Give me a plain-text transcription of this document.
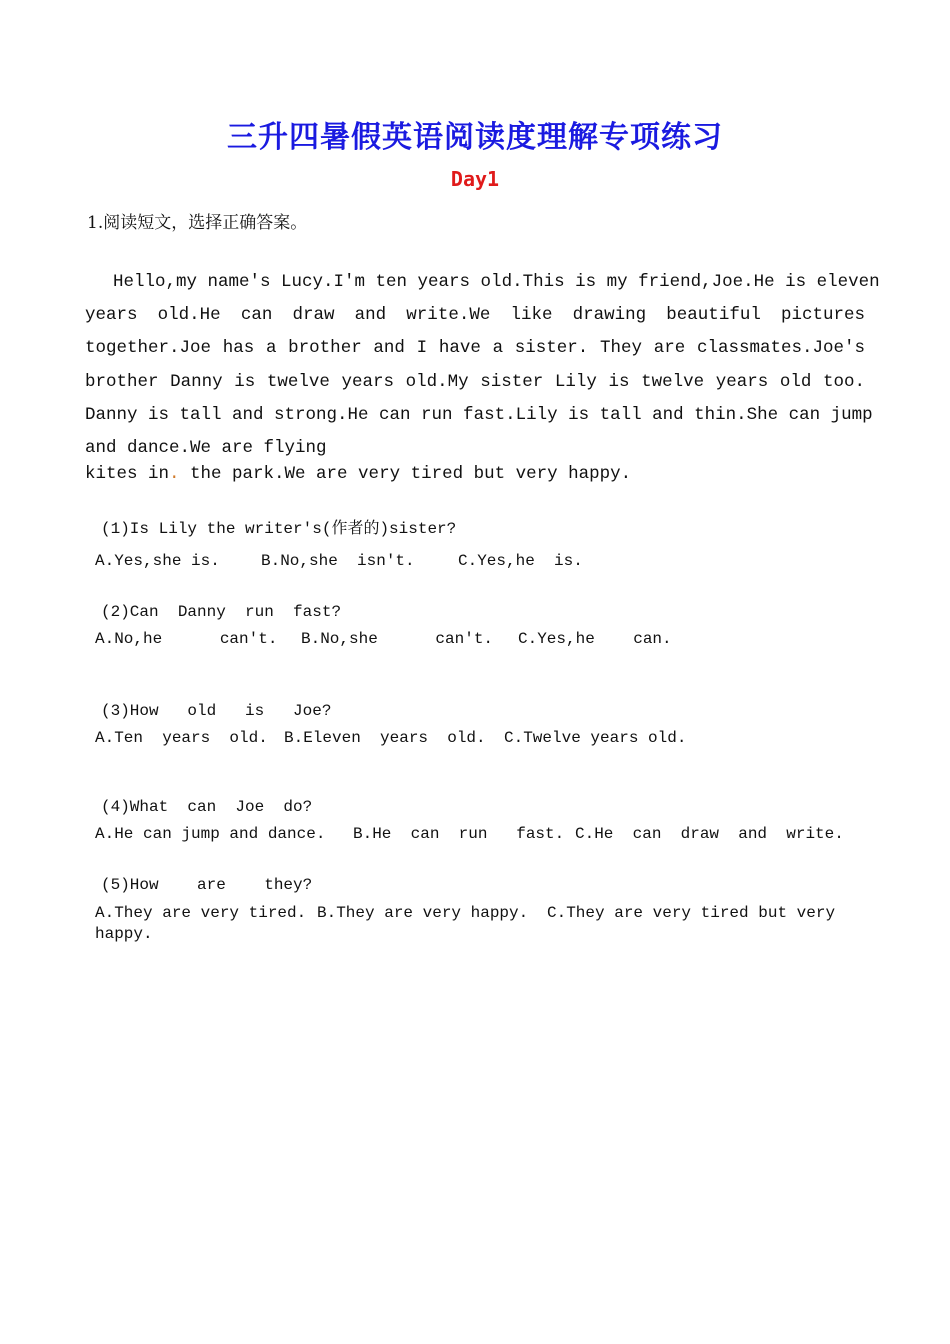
三升四暑假英语阅读度理解专项练习
Day1
1.阅读短文，选择正确答案。
Hello,my name's Lucy.I'm ten years old.This is my friend,Joe.He is eleven
years old.He can draw and write.We like drawing beautiful pictures
together.Joe has a brother and I have a sister. They are classmates.Joe's
brother Danny is twelve years old.My sister Lily is twelve years old too.
Danny is tall and strong.He can run fast.Lily is tall and thin.She can jump
and dance.We are flying
kites in. the park.We are very tired but very happy.
(1)Is Lily the writer's(作者的)sister?
A.Yes,she is.	B.No,she  isn't.	C.Yes,he  is.
(2)Can  Danny  run  fast?
A.No,he      can't. B.No,she      can't. C.Yes,he    can.
(3)How   old   is   Joe?
A.Ten  years  old. B.Eleven  years  old. C.Twelve years old.
(4)What  can  Joe  do?
A.He can jump and dance. B.He  can  run   fast. C.He  can  draw  and  write.
(5)How    are    they?
A.They are very tired. B.They are very happy. C.They are very tired but very
happy.
